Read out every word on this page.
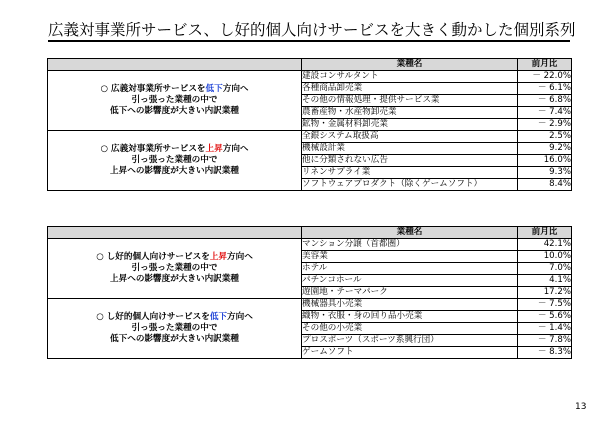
広義対事業所サービス、し好的個人向けサービスを大きく動かした個別系列
	業種名	前月比

○ 広義対事業所サービスを低下方向へ
引っ張った業種の中で
低下への影響度が大きい内訳業種	建設コンサルタント	－ 22.0%
	各種商品卸売業	－ 6.1%
	その他の情報処理・提供サービス業	－ 6.8%
	農畜産物・水産物卸売業	－ 7.4%
	鉱物・金属材料卸売業	－ 2.9%

○ 広義対事業所サービスを上昇方向へ
引っ張った業種の中で
上昇への影響度が大きい内訳業種	全銀システム取扱高	2.5%
	機械設計業	9.2%
	他に分類されない広告	16.0%
	リネンサプライ業	9.3%
	ソフトウェアプロダクト（除くゲームソフト）	8.4%
	業種名	前月比

○ し好的個人向けサービスを上昇方向へ
引っ張った業種の中で
上昇への影響度が大きい内訳業種	マンション分譲（首都圏）	42.1%
	美容業	10.0%
	ホテル	7.0%
	パチンコホール	4.1%
	遊園地・テーマパーク	17.2%

○ し好的個人向けサービスを低下方向へ
引っ張った業種の中で
低下への影響度が大きい内訳業種	機械器具小売業	－ 7.5%
	織物・衣服・身の回り品小売業	－ 5.6%
	その他の小売業	－ 1.4%
	プロスポーツ（スポーツ系興行団）	－ 7.8%
	ゲームソフト	－ 8.3%
13
